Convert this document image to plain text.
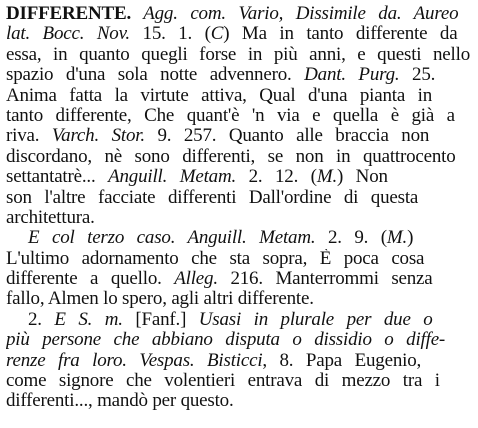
DIFFERENTE. Agg. com. Vario, Dissimile da. Aureo
lat. Bocc. Nov. 15. 1. (C) Ma in tanto differente da
essa, in quanto quegli forse in più anni, e questi nello
spazio d'una sola notte advennero. Dant. Purg. 25.
Anima fatta la virtute attiva, Qual d'una pianta in
tanto differente, Che quant'è 'n via e quella è già a
riva. Varch. Stor. 9. 257. Quanto alle braccia non
discordano, nè sono differenti, se non in quattrocento
settantatrè... Anguill. Metam. 2. 12. (M.) Non
son l'altre facciate differenti Dall'ordine di questa
architettura.
E col terzo caso. Anguill. Metam. 2. 9. (M.)
L'ultimo adornamento che sta sopra, È poca cosa
differente a quello. Alleg. 216. Manterrommi senza
fallo, Almen lo spero, agli altri differente.
2. E S. m. [Fanf.] Usasi in plurale per due o
più persone che abbiano disputa o dissidio o diffe-
renze fra loro. Vespas. Bisticci, 8. Papa Eugenio,
come signore che volentieri entrava di mezzo tra i
differenti..., mandò per questo.
